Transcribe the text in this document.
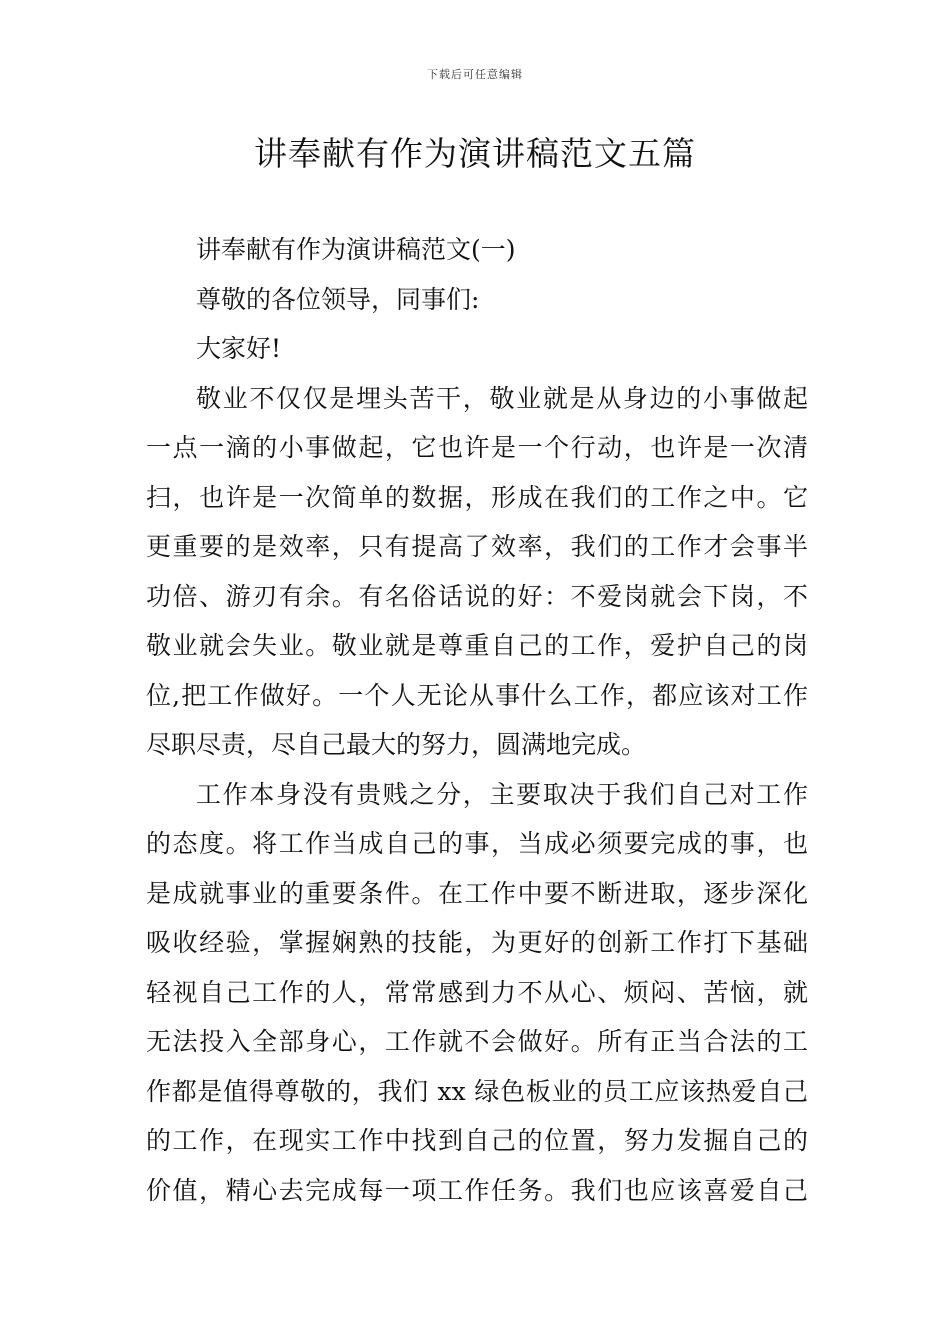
下载后可任意编辑
讲奉献有作为演讲稿范文五篇
讲奉献有作为演讲稿范文(一)
尊敬的各位领导，同事们:
大家好!
敬业不仅仅是埋头苦干，敬业就是从身边的小事做起
一点一滴的小事做起，它也许是一个行动，也许是一次清
扫，也许是一次简单的数据，形成在我们的工作之中。它
更重要的是效率，只有提高了效率，我们的工作才会事半
功倍、游刃有余。有名俗话说的好：不爱岗就会下岗，不
敬业就会失业。敬业就是尊重自己的工作，爱护自己的岗
位,把工作做好。一个人无论从事什么工作，都应该对工作
尽职尽责，尽自己最大的努力，圆满地完成。
工作本身没有贵贱之分，主要取决于我们自己对工作
的态度。将工作当成自己的事，当成必须要完成的事，也
是成就事业的重要条件。在工作中要不断进取，逐步深化
吸收经验，掌握娴熟的技能，为更好的创新工作打下基础
轻视自己工作的人，常常感到力不从心、烦闷、苦恼，就
无法投入全部身心，工作就不会做好。所有正当合法的工
作都是值得尊敬的，我们 xx 绿色板业的员工应该热爱自己
的工作，在现实工作中找到自己的位置，努力发掘自己的
价值，精心去完成每一项工作任务。我们也应该喜爱自己
